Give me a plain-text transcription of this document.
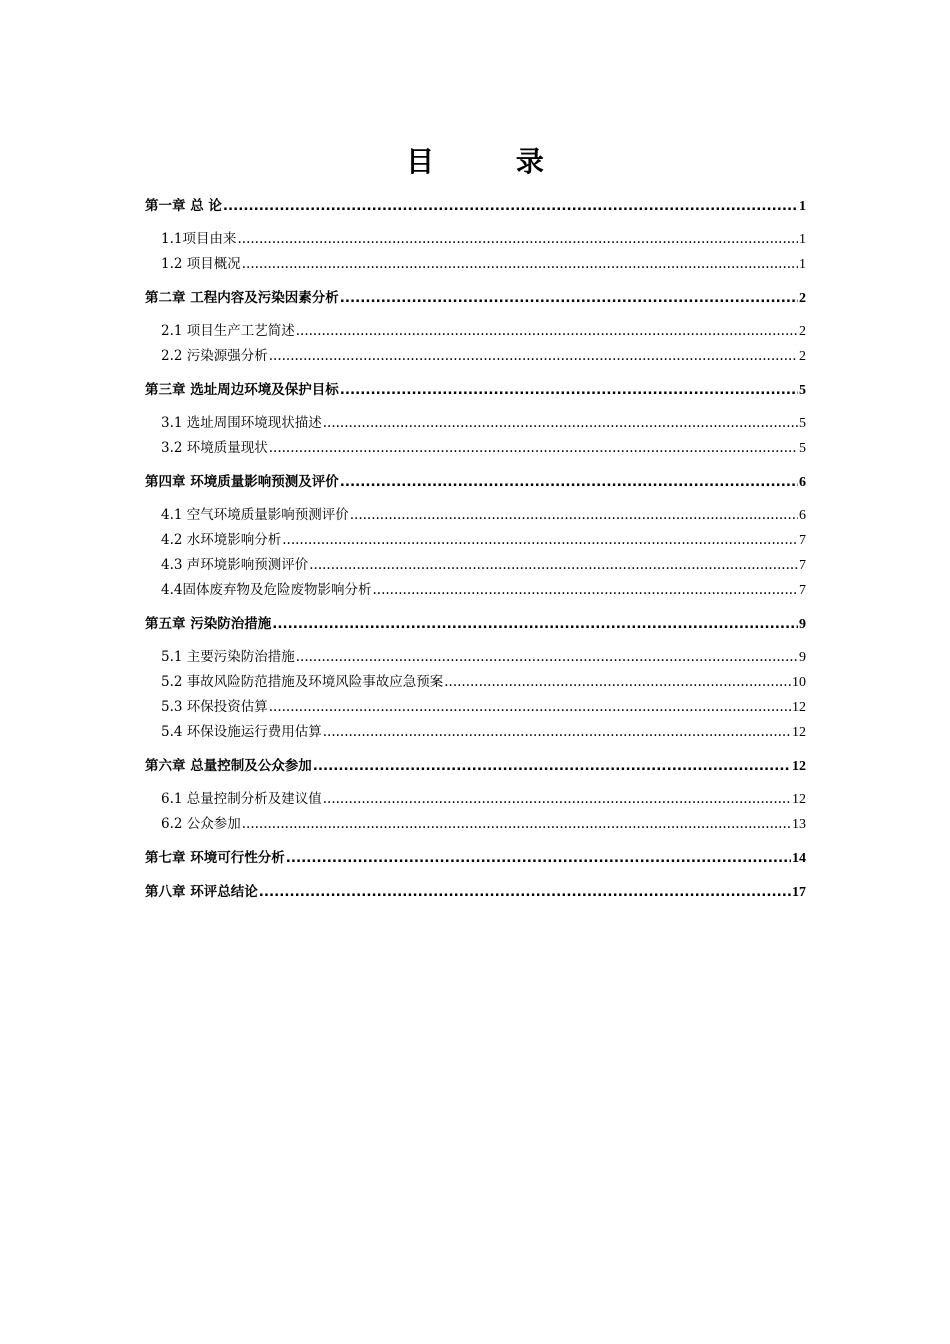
目 录
第一章 总 论 .....	1
1.1项目由来 .....	1
1.2 项目概况 .....	1
第二章 工程内容及污染因素分析 .....	2
2.1 项目生产工艺简述 .....	2
2.2 污染源强分析 .....	2
第三章 选址周边环境及保护目标 .....	5
3.1 选址周围环境现状描述 .....	5
3.2 环境质量现状 .....	5
第四章 环境质量影响预测及评价 .....	6
4.1 空气环境质量影响预测评价 .....	6
4.2 水环境影响分析 .....	7
4.3 声环境影响预测评价 .....	7
4.4固体废弃物及危险废物影响分析 .....	7
第五章 污染防治措施 .....	9
5.1 主要污染防治措施 .....	9
5.2 事故风险防范措施及环境风险事故应急预案 .....	10
5.3 环保投资估算 .....	12
5.4 环保设施运行费用估算 .....	12
第六章 总量控制及公众参加 .....	12
6.1 总量控制分析及建议值 .....	12
6.2 公众参加 .....	13
第七章 环境可行性分析 .....	14
第八章 环评总结论 .....	17
